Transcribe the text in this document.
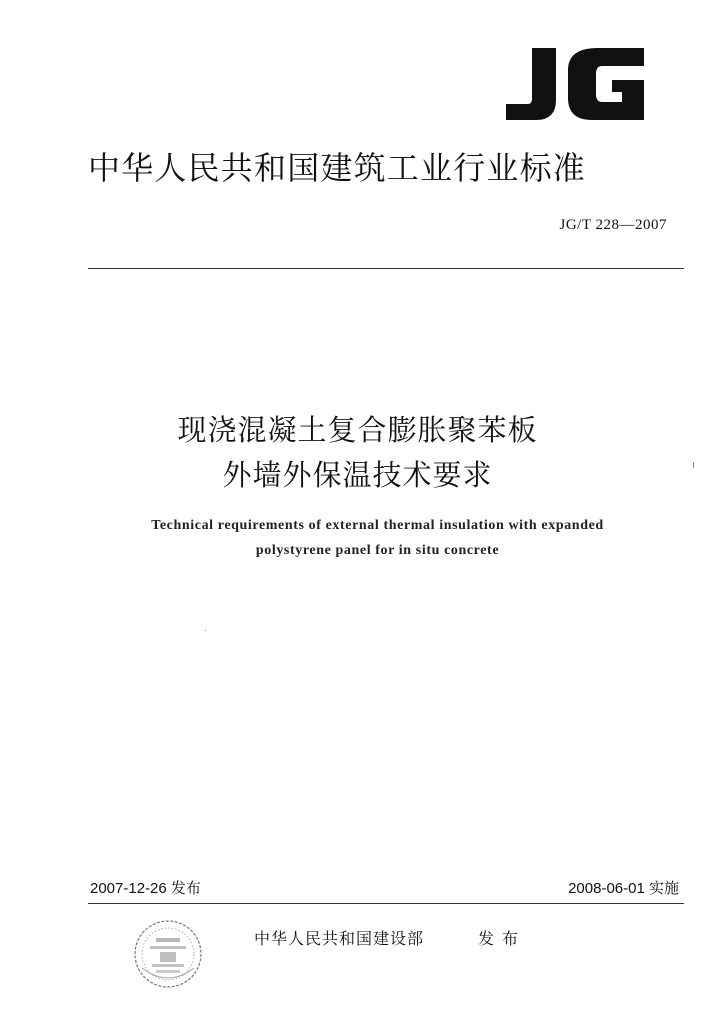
中华人民共和国建筑工业行业标准
JG/T 228—2007
现浇混凝土复合膨胀聚苯板
外墙外保温技术要求
Technical requirements of external thermal insulation with expanded
polystyrene panel for in situ concrete
2007-12-26 发布	2008-06-01 实施
中华人民共和国建设部	发布
